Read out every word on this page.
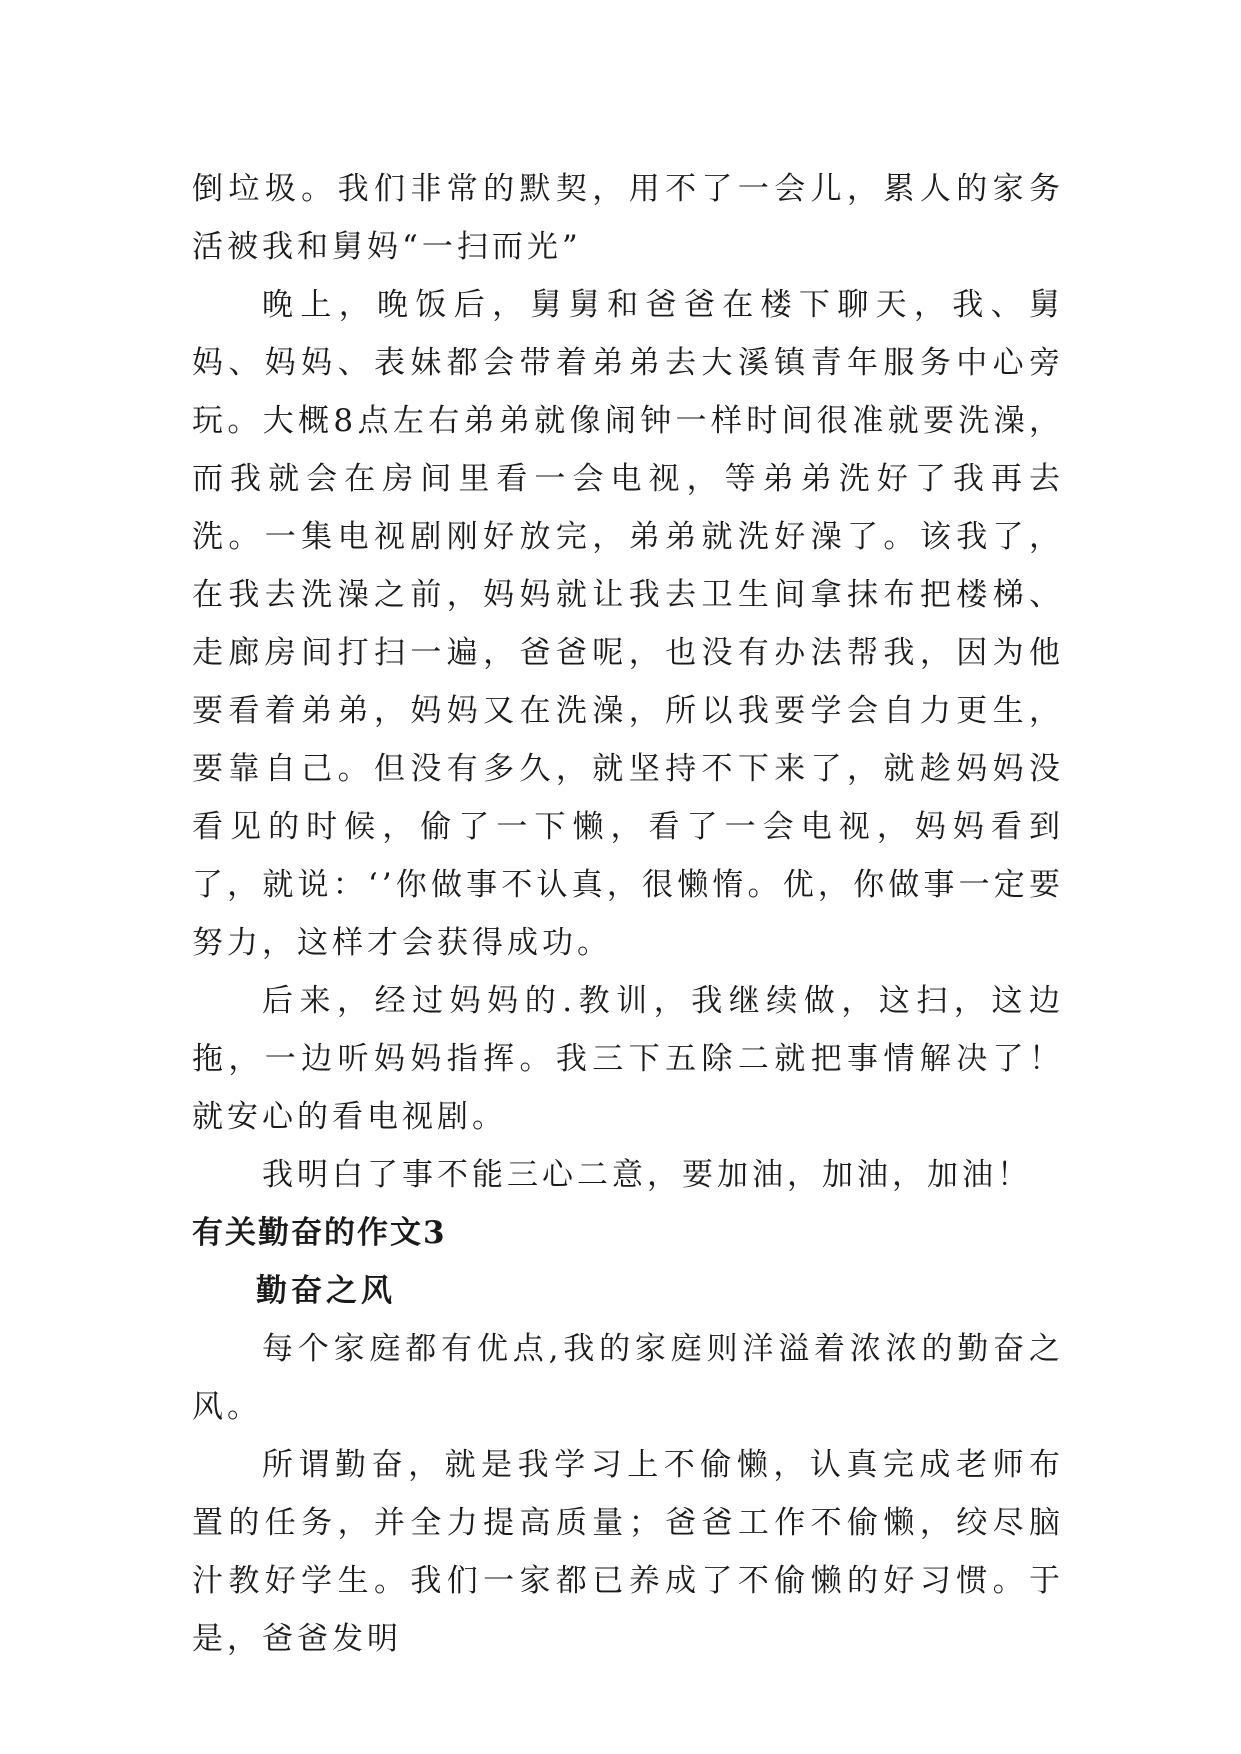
倒垃圾。我们非常的默契，用不了一会儿，累人的家务活被我和舅妈“一扫而光”

晚上，晚饭后，舅舅和爸爸在楼下聊天，我、舅妈、妈妈、表妹都会带着弟弟去大溪镇青年服务中心旁玩。大概8点左右弟弟就像闹钟一样时间很准就要洗澡，而我就会在房间里看一会电视，等弟弟洗好了我再去洗。一集电视剧刚好放完，弟弟就洗好澡了。该我了，在我去洗澡之前，妈妈就让我去卫生间拿抹布把楼梯、走廊房间打扫一遍，爸爸呢，也没有办法帮我，因为他要看着弟弟，妈妈又在洗澡，所以我要学会自力更生，要靠自己。但没有多久，就坚持不下来了，就趁妈妈没看见的时候，偷了一下懒，看了一会电视，妈妈看到了，就说：‘’你做事不认真，很懒惰。优，你做事一定要努力，这样才会获得成功。

后来，经过妈妈的.教训，我继续做，这扫，这边拖，一边听妈妈指挥。我三下五除二就把事情解决了！就安心的看电视剧。

我明白了事不能三心二意，要加油，加油，加油！

有关勤奋的作文3
勤奋之风

每个家庭都有优点,我的家庭则洋溢着浓浓的勤奋之风。

所谓勤奋，就是我学习上不偷懒，认真完成老师布置的任务，并全力提高质量；爸爸工作不偷懒，绞尽脑汁教好学生。我们一家都已养成了不偷懒的好习惯。于是，爸爸发明
